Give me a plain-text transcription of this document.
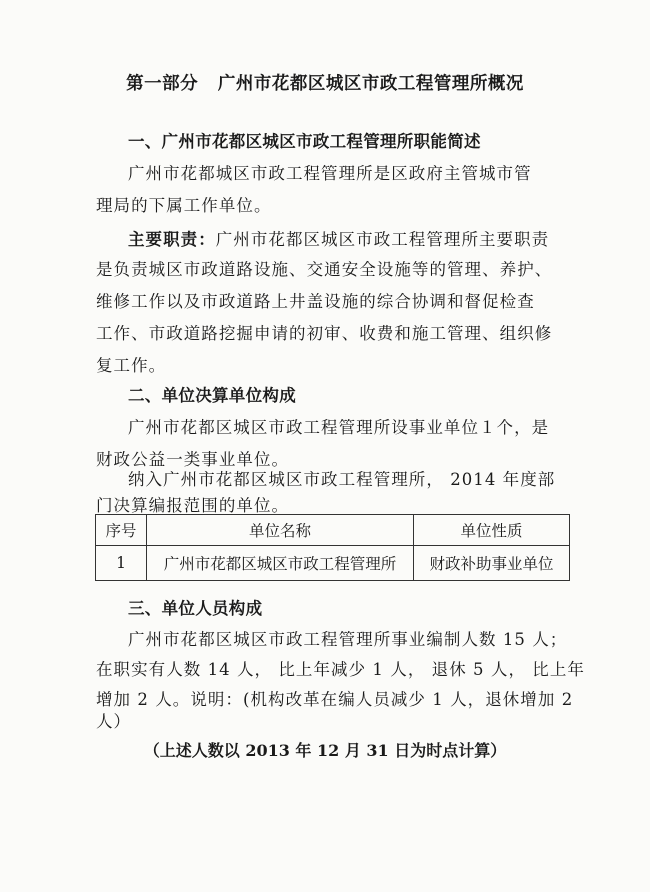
第一部分   广州市花都区城区市政工程管理所概况
一、广州市花都区城区市政工程管理所职能简述
广州市花都城区市政工程管理所是区政府主管城市管
理局的下属工作单位。
主要职责：广州市花都区城区市政工程管理所主要职责
是负责城区市政道路设施、交通安全设施等的管理、养护、
维修工作以及市政道路上井盖设施的综合协调和督促检查
工作、市政道路挖掘申请的初审、收费和施工管理、组织修
复工作。
二、单位决算单位构成
广州市花都区城区市政工程管理所设事业单位１个，是
财政公益一类事业单位。
纳入广州市花都区城区市政工程管理所， 2014 年度部
门决算编报范围的单位。
序号	单位名称	单位性质
1	广州市花都区城区市政工程管理所	财政补助事业单位
三、单位人员构成
广州市花都区城区市政工程管理所事业编制人数 15 人；
在职实有人数 14 人， 比上年减少 1 人， 退休 5 人， 比上年
增加 2 人。说明：(机构改革在编人员减少 1 人，退休增加 2
人）
（上述人数以 2013 年 12 月 31 日为时点计算）
